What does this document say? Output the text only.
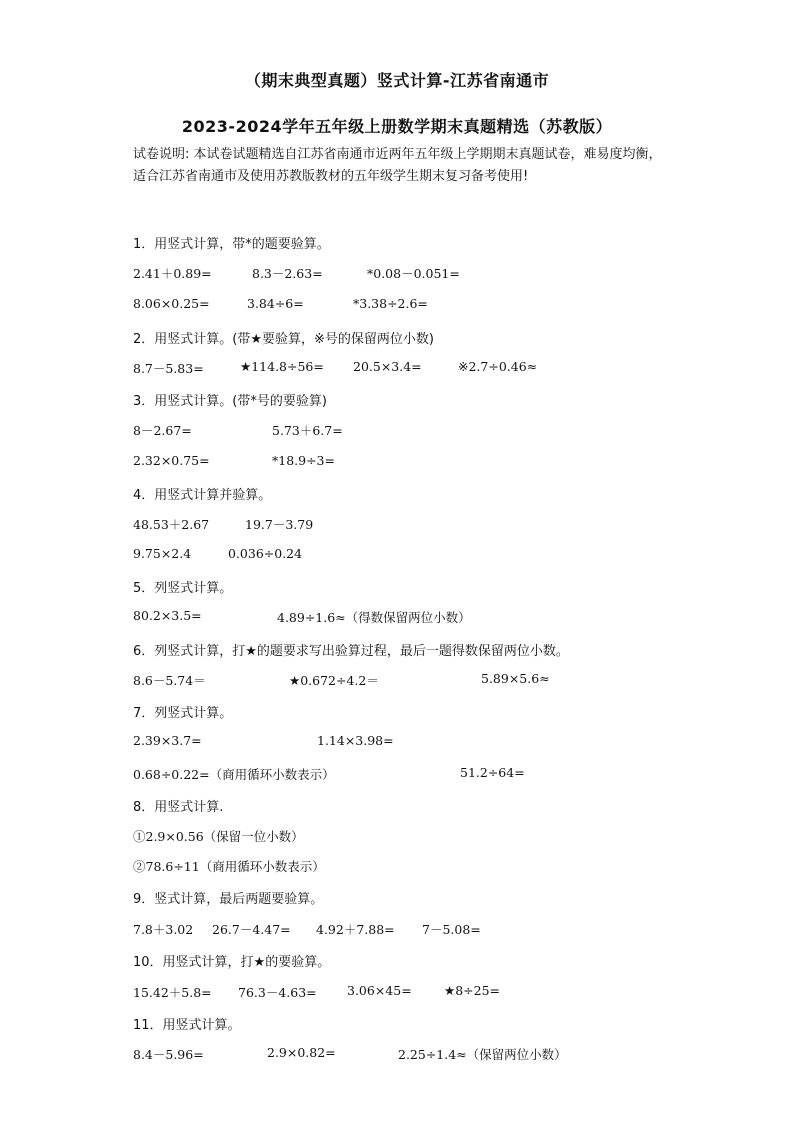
（期末典型真题）竖式计算-江苏省南通市
2023-2024学年五年级上册数学期末真题精选（苏教版）
试卷说明: 本试卷试题精选自江苏省南通市近两年五年级上学期期末真题试卷，难易度均衡，适合江苏省南通市及使用苏教版教材的五年级学生期末复习备考使用!
1．用竖式计算，带*的题要验算。
2.41＋0.89=	8.3－2.63=	*0.08－0.051=
8.06×0.25=	3.84÷6=	*3.38÷2.6=
2．用竖式计算。(带★要验算，※号的保留两位小数)
8.7－5.83=	★114.8÷56= 20.5×3.4=	※2.7÷0.46≈
3．用竖式计算。(带*号的要验算)
8－2.67=	5.73＋6.7=
2.32×0.75=	*18.9÷3=
4．用竖式计算并验算。
48.53＋2.67	19.7－3.79
9.75×2.4	0.036÷0.24
5．列竖式计算。
80.2×3.5=	4.89÷1.6≈（得数保留两位小数）
6．列竖式计算，打★的题要求写出验算过程，最后一题得数保留两位小数。
8.6－5.74＝	★0.672÷4.2＝	5.89×5.6≈
7．列竖式计算。
2.39×3.7=	1.14×3.98=
0.68÷0.22=（商用循环小数表示）	51.2÷64=
8．用竖式计算.
①2.9×0.56（保留一位小数）
②78.6÷11（商用循环小数表示）
9．竖式计算，最后两题要验算。
7.8＋3.02 26.7－4.47= 4.92＋7.88= 7－5.08=
10．用竖式计算，打★的要验算。
15.42＋5.8= 76.3－4.63= 3.06×45=	★8÷25=
11．用竖式计算。
8.4－5.96=	2.9×0.82=	2.25÷1.4≈（保留两位小数）
